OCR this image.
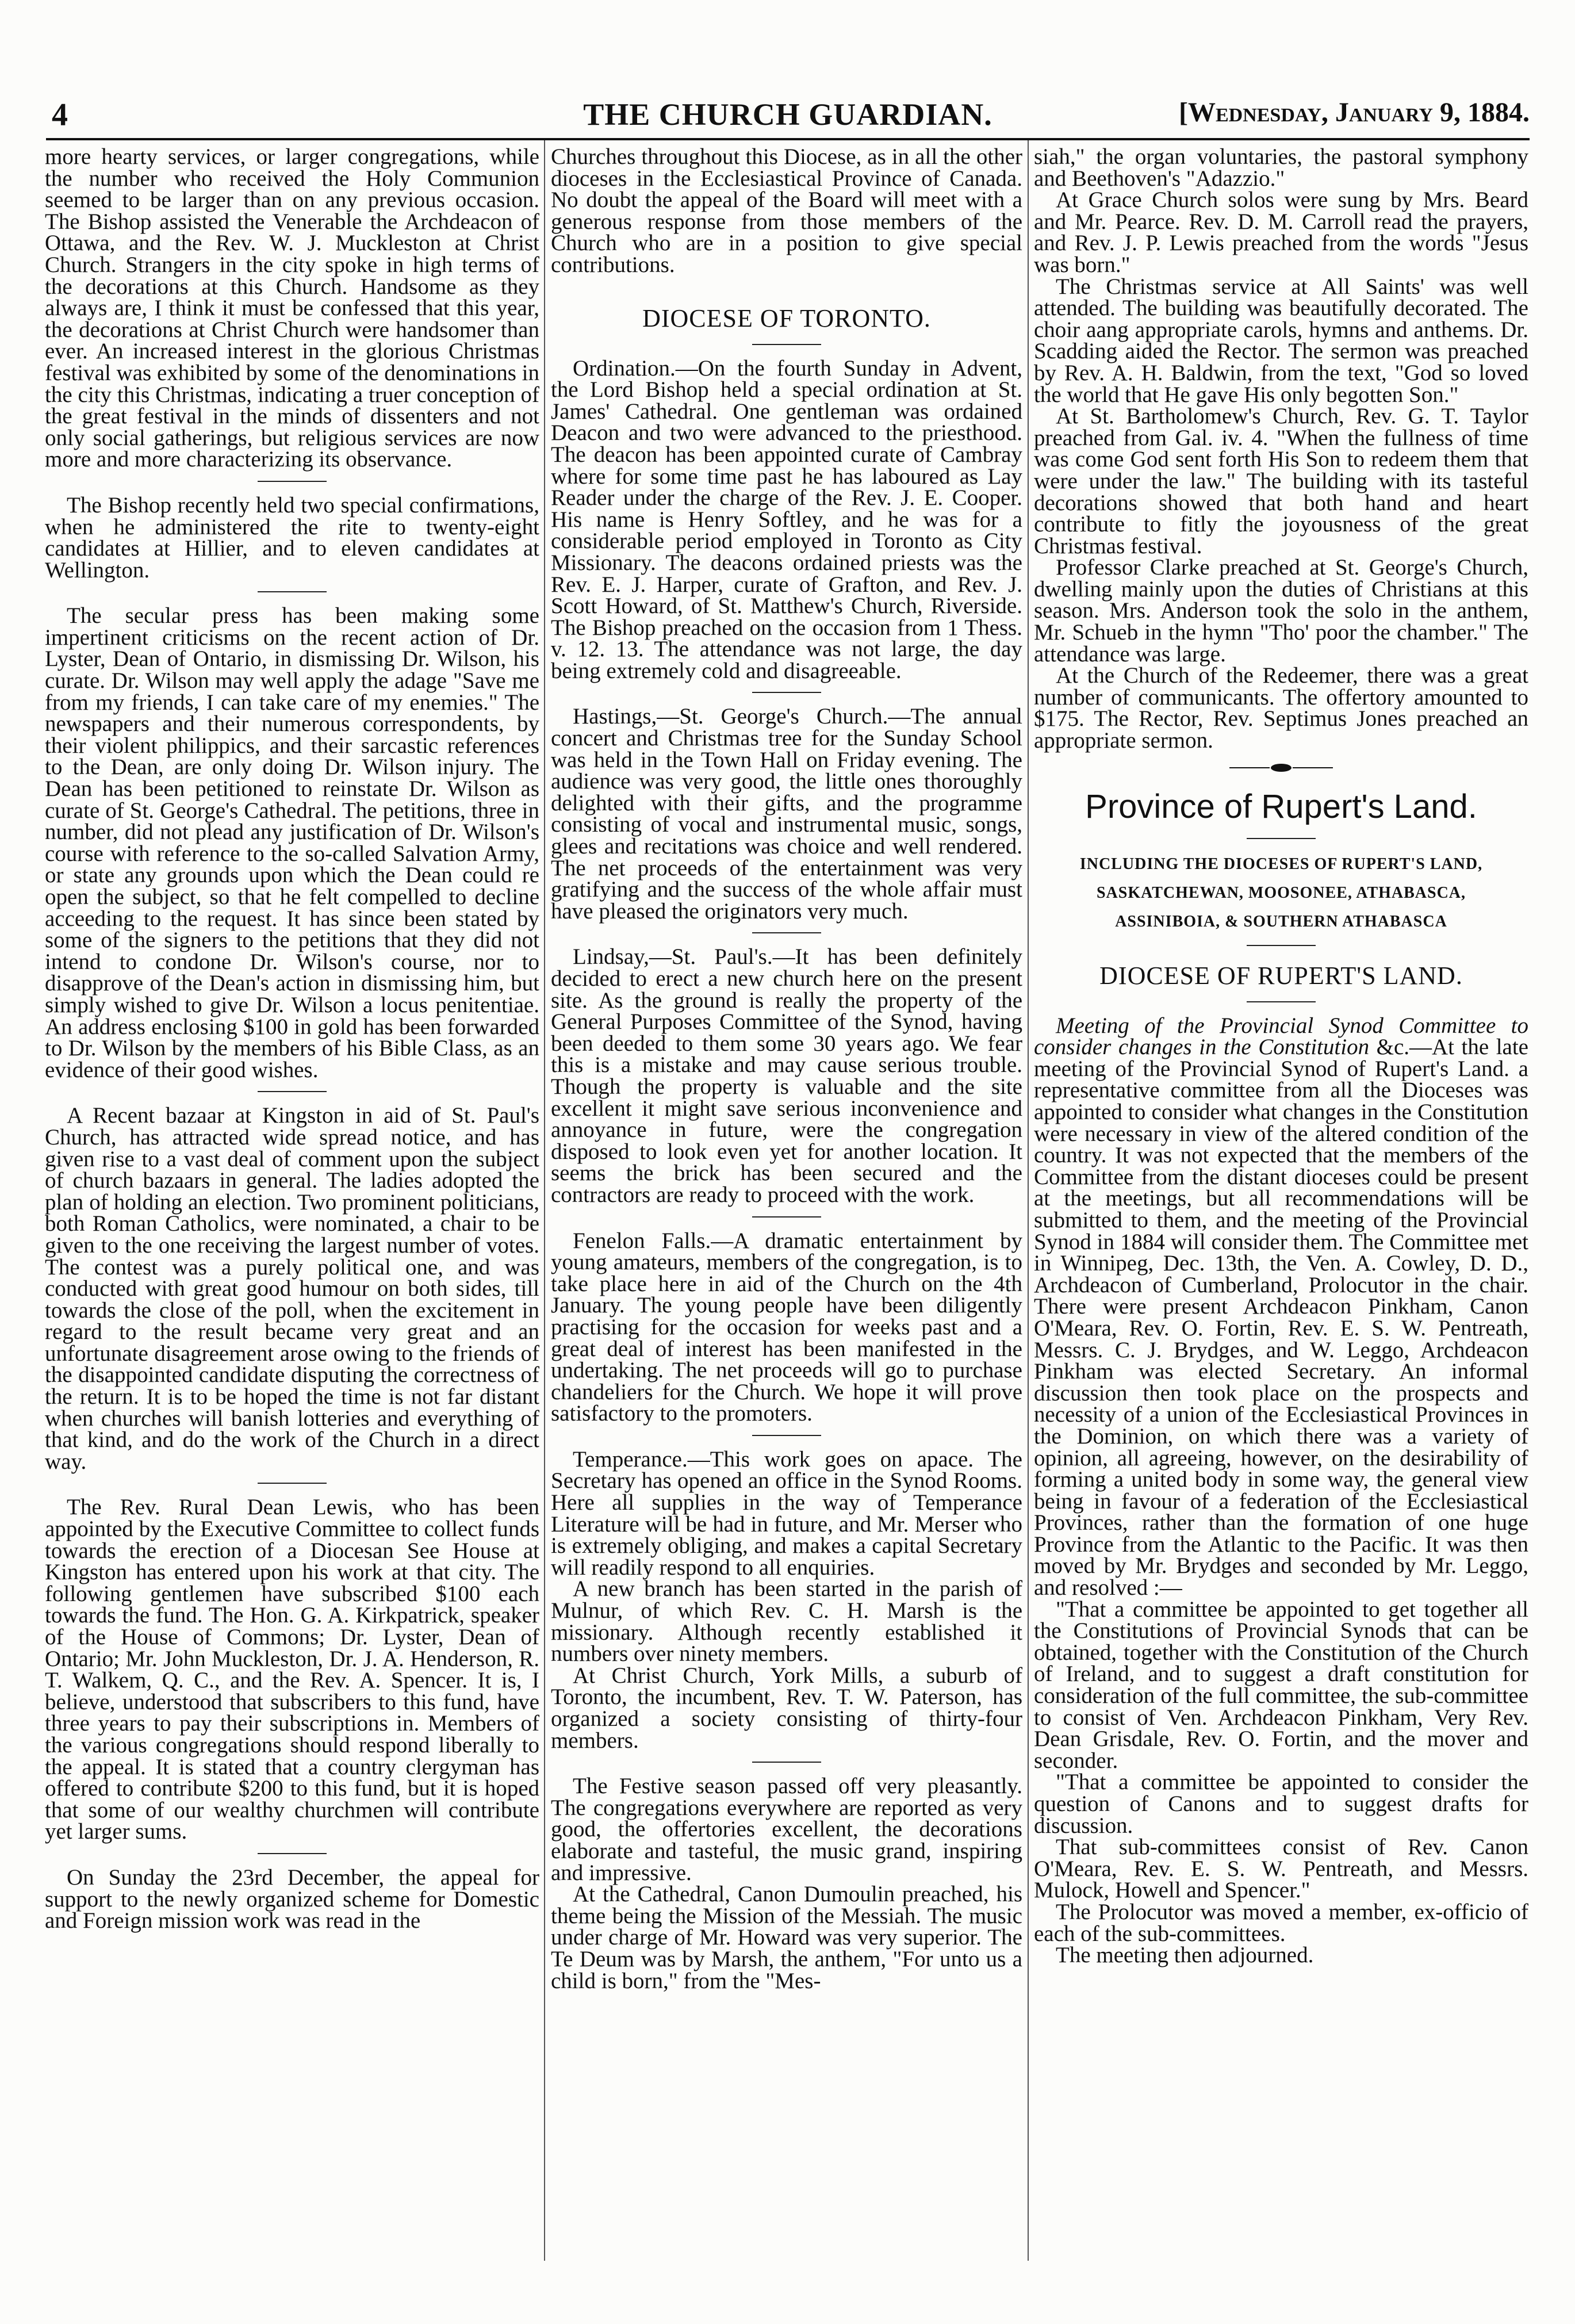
4	THE CHURCH GUARDIAN.	[Wednesday, January 9, 1884.

more hearty services, or larger congregations, while the number who received the Holy Communion seemed to be larger than on any previous occasion. The Bishop assisted the Venerable the Archdeacon of Ottawa, and the Rev. W. J. Muckleston at Christ Church. Strangers in the city spoke in high terms of the decorations at this Church. Handsome as they always are, I think it must be confessed that this year, the decorations at Christ Church were handsomer than ever. An increased interest in the glorious Christmas festival was exhibited by some of the denominations in the city this Christmas, indicating a truer conception of the great festival in the minds of dissenters and not only social gatherings, but religious services are now more and more characterizing its observance.

The Bishop recently held two special confirmations, when he administered the rite to twenty-eight candidates at Hillier, and to eleven candidates at Wellington.

The secular press has been making some impertinent criticisms on the recent action of Dr. Lyster, Dean of Ontario, in dismissing Dr. Wilson, his curate. Dr. Wilson may well apply the adage "Save me from my friends, I can take care of my enemies." The newspapers and their numerous correspondents, by their violent philippics, and their sarcastic references to the Dean, are only doing Dr. Wilson injury. The Dean has been petitioned to reinstate Dr. Wilson as curate of St. George's Cathedral. The petitions, three in number, did not plead any justification of Dr. Wilson's course with reference to the so-called Salvation Army, or state any grounds upon which the Dean could re open the subject, so that he felt compelled to decline acceeding to the request. It has since been stated by some of the signers to the petitions that they did not intend to condone Dr. Wilson's course, nor to disapprove of the Dean's action in dismissing him, but simply wished to give Dr. Wilson a locus penitentiae. An address enclosing $100 in gold has been forwarded to Dr. Wilson by the members of his Bible Class, as an evidence of their good wishes.

A Recent bazaar at Kingston in aid of St. Paul's Church, has attracted wide spread notice, and has given rise to a vast deal of comment upon the subject of church bazaars in general. The ladies adopted the plan of holding an election. Two prominent politicians, both Roman Catholics, were nominated, a chair to be given to the one receiving the largest number of votes. The contest was a purely political one, and was conducted with great good humour on both sides, till towards the close of the poll, when the excitement in regard to the result became very great and an unfortunate disagreement arose owing to the friends of the disappointed candidate disputing the correctness of the return. It is to be hoped the time is not far distant when churches will banish lotteries and everything of that kind, and do the work of the Church in a direct way.

The Rev. Rural Dean Lewis, who has been appointed by the Executive Committee to collect funds towards the erection of a Diocesan See House at Kingston has entered upon his work at that city. The following gentlemen have subscribed $100 each towards the fund. The Hon. G. A. Kirkpatrick, speaker of the House of Commons; Dr. Lyster, Dean of Ontario; Mr. John Muckleston, Dr. J. A. Henderson, R. T. Walkem, Q. C., and the Rev. A. Spencer. It is, I believe, understood that subscribers to this fund, have three years to pay their subscriptions in. Members of the various congregations should respond liberally to the appeal. It is stated that a country clergyman has offered to contribute $200 to this fund, but it is hoped that some of our wealthy churchmen will contribute yet larger sums.

On Sunday the 23rd December, the appeal for support to the newly organized scheme for Domestic and Foreign mission work was read in the

Churches throughout this Diocese, as in all the other dioceses in the Ecclesiastical Province of Canada. No doubt the appeal of the Board will meet with a generous response from those members of the Church who are in a position to give special contributions.

DIOCESE OF TORONTO.

Ordination.—On the fourth Sunday in Advent, the Lord Bishop held a special ordination at St. James' Cathedral. One gentleman was ordained Deacon and two were advanced to the priesthood. The deacon has been appointed curate of Cambray where for some time past he has laboured as Lay Reader under the charge of the Rev. J. E. Cooper. His name is Henry Softley, and he was for a considerable period employed in Toronto as City Missionary. The deacons ordained priests was the Rev. E. J. Harper, curate of Grafton, and Rev. J. Scott Howard, of St. Matthew's Church, Riverside. The Bishop preached on the occasion from 1 Thess. v. 12. 13. The attendance was not large, the day being extremely cold and disagreeable.

Hastings,—St. George's Church.—The annual concert and Christmas tree for the Sunday School was held in the Town Hall on Friday evening. The audience was very good, the little ones thoroughly delighted with their gifts, and the programme consisting of vocal and instrumental music, songs, glees and recitations was choice and well rendered. The net proceeds of the entertainment was very gratifying and the success of the whole affair must have pleased the originators very much.

Lindsay,—St. Paul's.—It has been definitely decided to erect a new church here on the present site. As the ground is really the property of the General Purposes Committee of the Synod, having been deeded to them some 30 years ago. We fear this is a mistake and may cause serious trouble. Though the property is valuable and the site excellent it might save serious inconvenience and annoyance in future, were the congregation disposed to look even yet for another location. It seems the brick has been secured and the contractors are ready to proceed with the work.

Fenelon Falls.—A dramatic entertainment by young amateurs, members of the congregation, is to take place here in aid of the Church on the 4th January. The young people have been diligently practising for the occasion for weeks past and a great deal of interest has been manifested in the undertaking. The net proceeds will go to purchase chandeliers for the Church. We hope it will prove satisfactory to the promoters.

Temperance.—This work goes on apace. The Secretary has opened an office in the Synod Rooms. Here all supplies in the way of Temperance Literature will be had in future, and Mr. Merser who is extremely obliging, and makes a capital Secretary will readily respond to all enquiries.

A new branch has been started in the parish of Mulnur, of which Rev. C. H. Marsh is the missionary. Although recently established it numbers over ninety members.

At Christ Church, York Mills, a suburb of Toronto, the incumbent, Rev. T. W. Paterson, has organized a society consisting of thirty-four members.

The Festive season passed off very pleasantly. The congregations everywhere are reported as very good, the offertories excellent, the decorations elaborate and tasteful, the music grand, inspiring and impressive.

At the Cathedral, Canon Dumoulin preached, his theme being the Mission of the Messiah. The music under charge of Mr. Howard was very superior. The Te Deum was by Marsh, the anthem, "For unto us a child is born," from the "Mes-

siah," the organ voluntaries, the pastoral symphony and Beethoven's "Adazzio."

At Grace Church solos were sung by Mrs. Beard and Mr. Pearce. Rev. D. M. Carroll read the prayers, and Rev. J. P. Lewis preached from the words "Jesus was born."

The Christmas service at All Saints' was well attended. The building was beautifully decorated. The choir aang appropriate carols, hymns and anthems. Dr. Scadding aided the Rector. The sermon was preached by Rev. A. H. Baldwin, from the text, "God so loved the world that He gave His only begotten Son."

At St. Bartholomew's Church, Rev. G. T. Taylor preached from Gal. iv. 4. "When the fullness of time was come God sent forth His Son to redeem them that were under the law." The building with its tasteful decorations showed that both hand and heart contribute to fitly the joyousness of the great Christmas festival.

Professor Clarke preached at St. George's Church, dwelling mainly upon the duties of Christians at this season. Mrs. Anderson took the solo in the anthem, Mr. Schueb in the hymn "Tho' poor the chamber." The attendance was large.

At the Church of the Redeemer, there was a great number of communicants. The offertory amounted to $175. The Rector, Rev. Septimus Jones preached an appropriate sermon.

Province of Rupert's Land.
INCLUDING THE DIOCESES OF RUPERT'S LAND,
SASKATCHEWAN, MOOSONEE, ATHABASCA,
ASSINIBOIA, & SOUTHERN ATHABASCA
DIOCESE OF RUPERT'S LAND.

Meeting of the Provincial Synod Committee to consider changes in the Constitution &c.—At the late meeting of the Provincial Synod of Rupert's Land. a representative committee from all the Dioceses was appointed to consider what changes in the Constitution were necessary in view of the altered condition of the country. It was not expected that the members of the Committee from the distant dioceses could be present at the meetings, but all recommendations will be submitted to them, and the meeting of the Provincial Synod in 1884 will consider them. The Committee met in Winnipeg, Dec. 13th, the Ven. A. Cowley, D. D., Archdeacon of Cumberland, Prolocutor in the chair. There were present Archdeacon Pinkham, Canon O'Meara, Rev. O. Fortin, Rev. E. S. W. Pentreath, Messrs. C. J. Brydges, and W. Leggo, Archdeacon Pinkham was elected Secretary. An informal discussion then took place on the prospects and necessity of a union of the Ecclesiastical Provinces in the Dominion, on which there was a variety of opinion, all agreeing, however, on the desirability of forming a united body in some way, the general view being in favour of a federation of the Ecclesiastical Provinces, rather than the formation of one huge Province from the Atlantic to the Pacific. It was then moved by Mr. Brydges and seconded by Mr. Leggo, and resolved :—

"That a committee be appointed to get together all the Constitutions of Provincial Synods that can be obtained, together with the Constitution of the Church of Ireland, and to suggest a draft constitution for consideration of the full committee, the sub-committee to consist of Ven. Archdeacon Pinkham, Very Rev. Dean Grisdale, Rev. O. Fortin, and the mover and seconder.

"That a committee be appointed to consider the question of Canons and to suggest drafts for discussion.

That sub-committees consist of Rev. Canon O'Meara, Rev. E. S. W. Pentreath, and Messrs. Mulock, Howell and Spencer."

The Prolocutor was moved a member, ex-officio of each of the sub-committees.

The meeting then adjourned.
